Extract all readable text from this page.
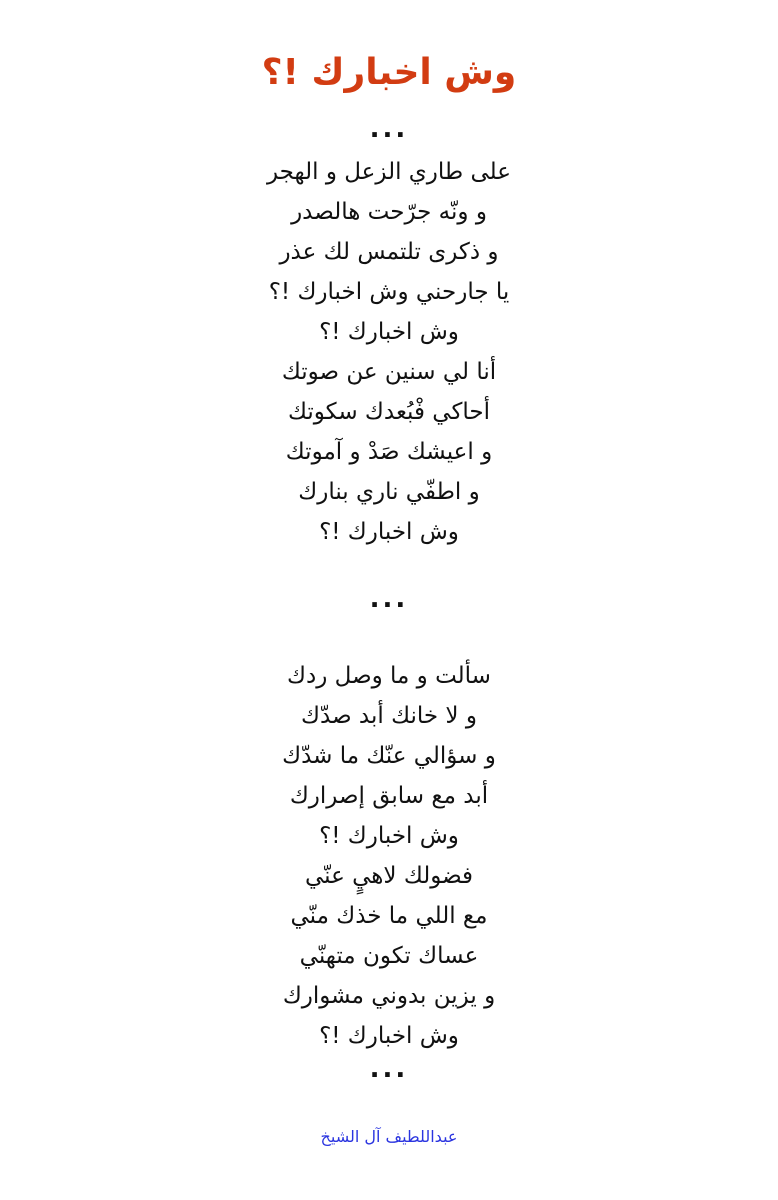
وش اخبارك !؟
...
على طاري الزعل و الهجر
و ونّه جرّحت هالصدر
و ذكرى تلتمس لك عذر
يا جارحني وش اخبارك !؟
وش اخبارك !؟
أنا لي سنين عن صوتك
أحاكي فْبُعدك سكوتك
و اعيشك صَدْ و آموتك
و اطفّي ناري بنارك
وش اخبارك !؟
...
سألت و ما وصل ردك
و لا خانك أبد صدّك
و سؤالي عنّك ما شدّك
أبد مع سابق إصرارك
وش اخبارك !؟
فضولك لاهيٍ عنّي
مع اللي ما خذك منّي
عساك تكون متهنّي
و يزين بدوني مشوارك
وش اخبارك !؟
...
عبداللطيف آل الشيخ
